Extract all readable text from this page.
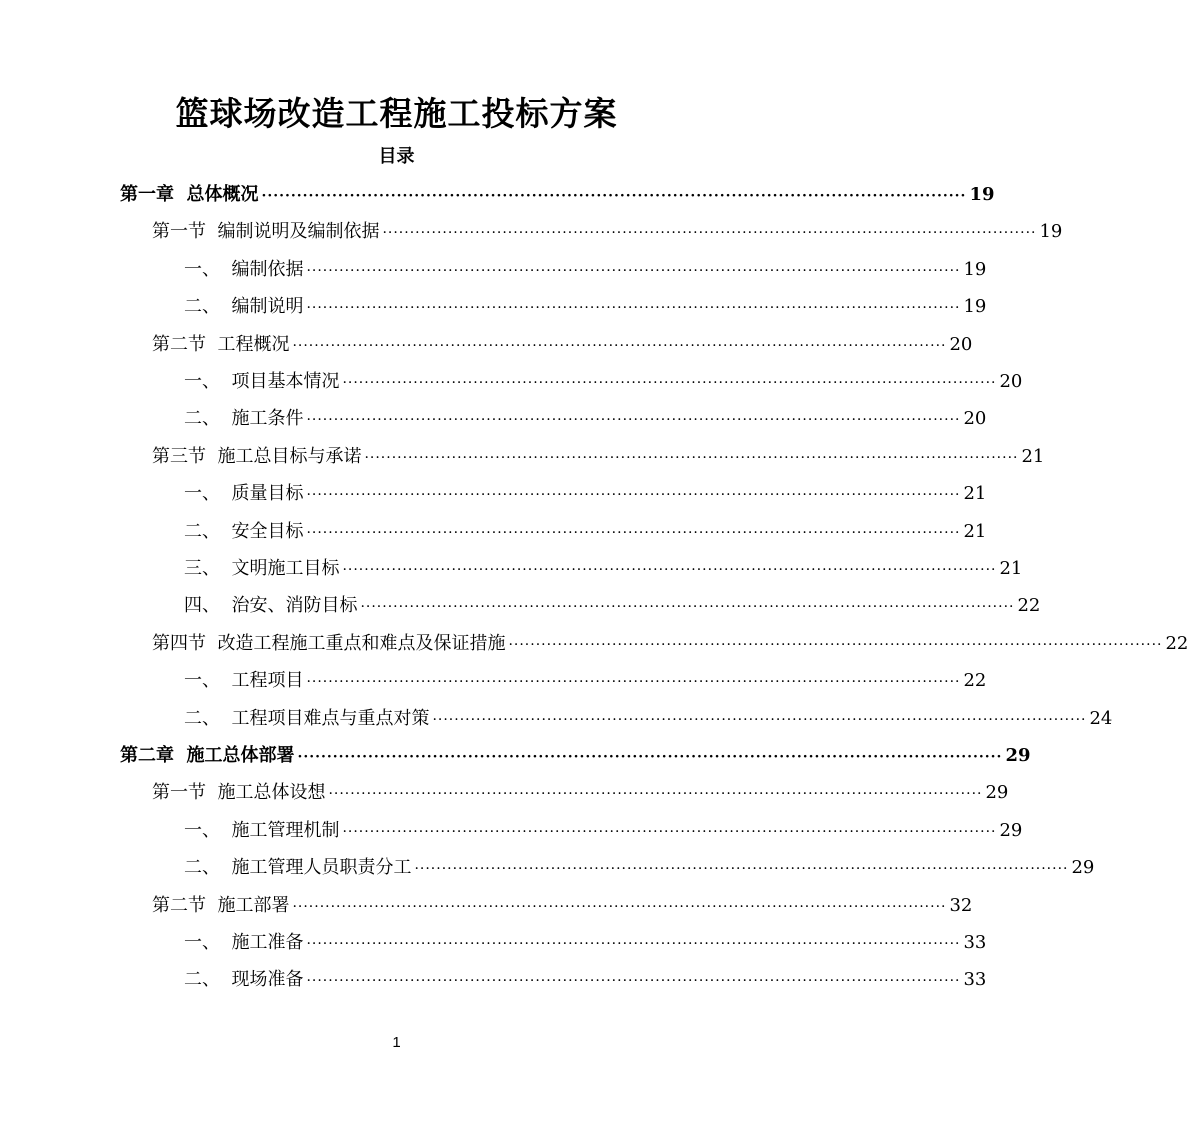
篮球场改造工程施工投标方案
目录
第一章
总体概况 ························································································································ 19
第一节
编制说明及编制依据 ························································································································ 19
一、
编制依据 ························································································································ 19
二、
编制说明 ························································································································ 19
第二节
工程概况 ························································································································ 20
一、
项目基本情况 ························································································································ 20
二、
施工条件 ························································································································ 20
第三节
施工总目标与承诺 ························································································································ 21
一、
质量目标 ························································································································ 21
二、
安全目标 ························································································································ 21
三、
文明施工目标 ························································································································ 21
四、
治安、消防目标 ························································································································ 22
第四节
改造工程施工重点和难点及保证措施 ························································································································ 22
一、
工程项目 ························································································································ 22
二、
工程项目难点与重点对策 ························································································································ 24
第二章
施工总体部署 ························································································································ 29
第一节
施工总体设想 ························································································································ 29
一、
施工管理机制 ························································································································ 29
二、
施工管理人员职责分工 ························································································································ 29
第二节
施工部署 ························································································································ 32
一、
施工准备 ························································································································ 33
二、
现场准备 ························································································································ 33
1
